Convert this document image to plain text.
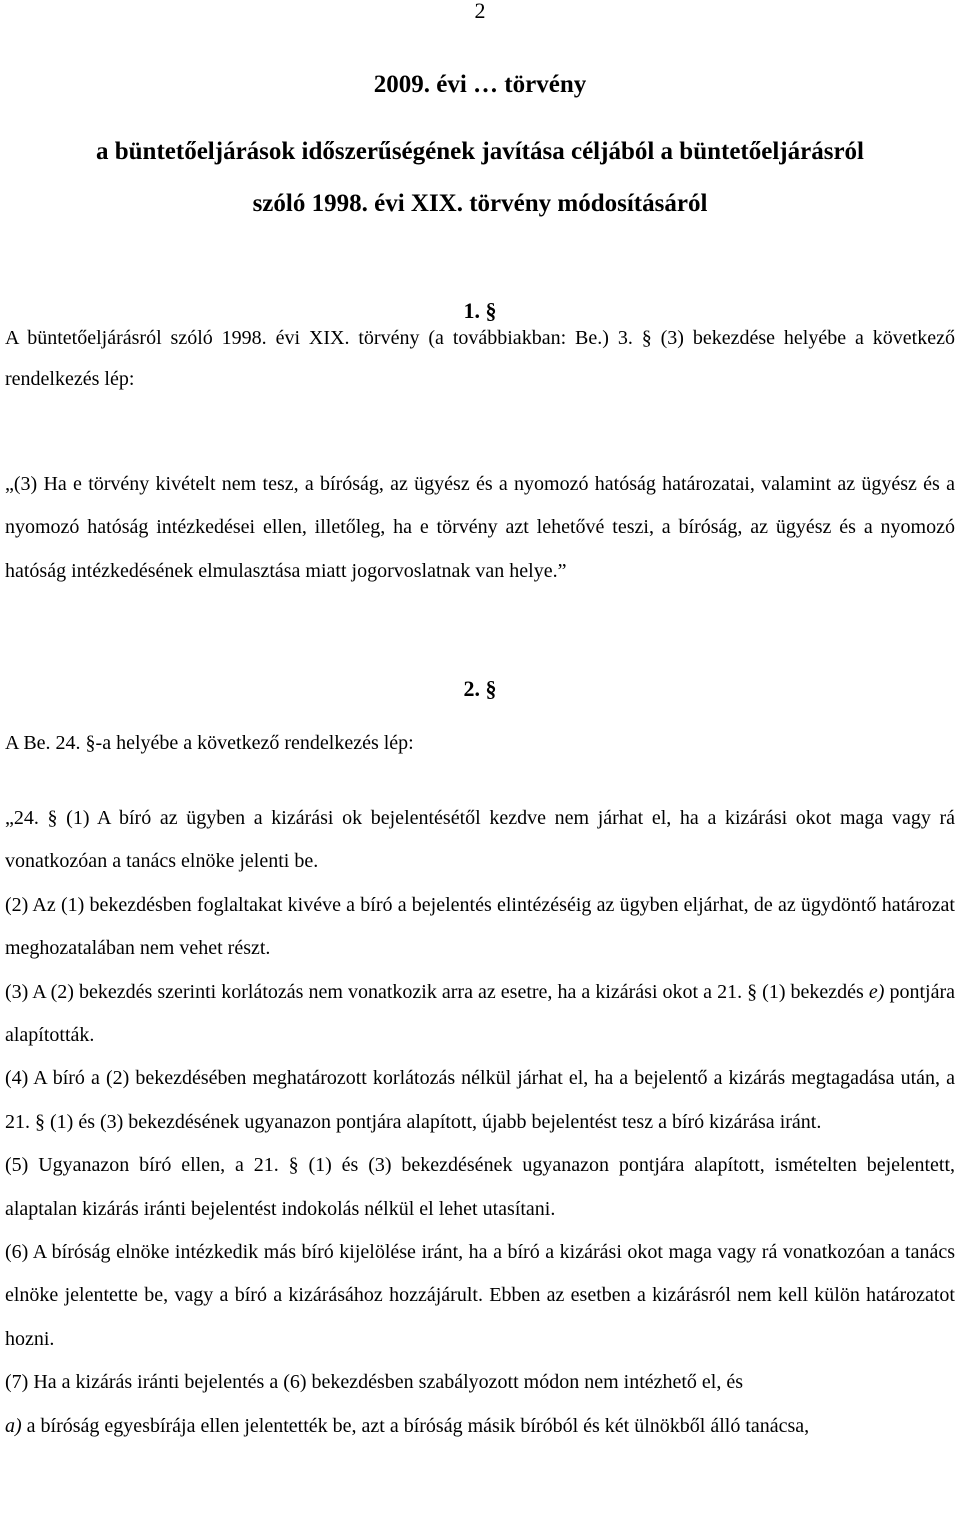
2
2009. évi … törvény
a büntetőeljárások időszerűségének javítása céljából a büntetőeljárásról
szóló 1998. évi XIX. törvény módosításáról
1. §

A büntetőeljárásról szóló 1998. évi XIX. törvény (a továbbiakban: Be.) 3. § (3) bekezdése helyébe a következő rendelkezés lép:

„(3) Ha e törvény kivételt nem tesz, a bíróság, az ügyész és a nyomozó hatóság határozatai, valamint az ügyész és a nyomozó hatóság intézkedései ellen, illetőleg, ha e törvény azt lehetővé teszi, a bíróság, az ügyész és a nyomozó hatóság intézkedésének elmulasztása miatt jogorvoslatnak van helye.”

2. §

A Be. 24. §-a helyébe a következő rendelkezés lép:

„24. § (1) A bíró az ügyben a kizárási ok bejelentésétől kezdve nem járhat el, ha a kizárási okot maga vagy rá vonatkozóan a tanács elnöke jelenti be.

(2) Az (1) bekezdésben foglaltakat kivéve a bíró a bejelentés elintézéséig az ügyben eljárhat, de az ügydöntő határozat meghozatalában nem vehet részt.

(3) A (2) bekezdés szerinti korlátozás nem vonatkozik arra az esetre, ha a kizárási okot a 21. § (1) bekezdés e) pontjára alapították.

(4) A bíró a (2) bekezdésében meghatározott korlátozás nélkül járhat el, ha a bejelentő a kizárás megtagadása után, a 21. § (1) és (3) bekezdésének ugyanazon pontjára alapított, újabb bejelentést tesz a bíró kizárása iránt.

(5) Ugyanazon bíró ellen, a 21. § (1) és (3) bekezdésének ugyanazon pontjára alapított, ismételten bejelentett, alaptalan kizárás iránti bejelentést indokolás nélkül el lehet utasítani.

(6) A bíróság elnöke intézkedik más bíró kijelölése iránt, ha a bíró a kizárási okot maga vagy rá vonatkozóan a tanács elnöke jelentette be, vagy a bíró a kizárásához hozzájárult. Ebben az esetben a kizárásról nem kell külön határozatot hozni.

(7) Ha a kizárás iránti bejelentés a (6) bekezdésben szabályozott módon nem intézhető el, és

a) a bíróság egyesbírája ellen jelentették be, azt a bíróság másik bíróból és két ülnökből álló tanácsa,
